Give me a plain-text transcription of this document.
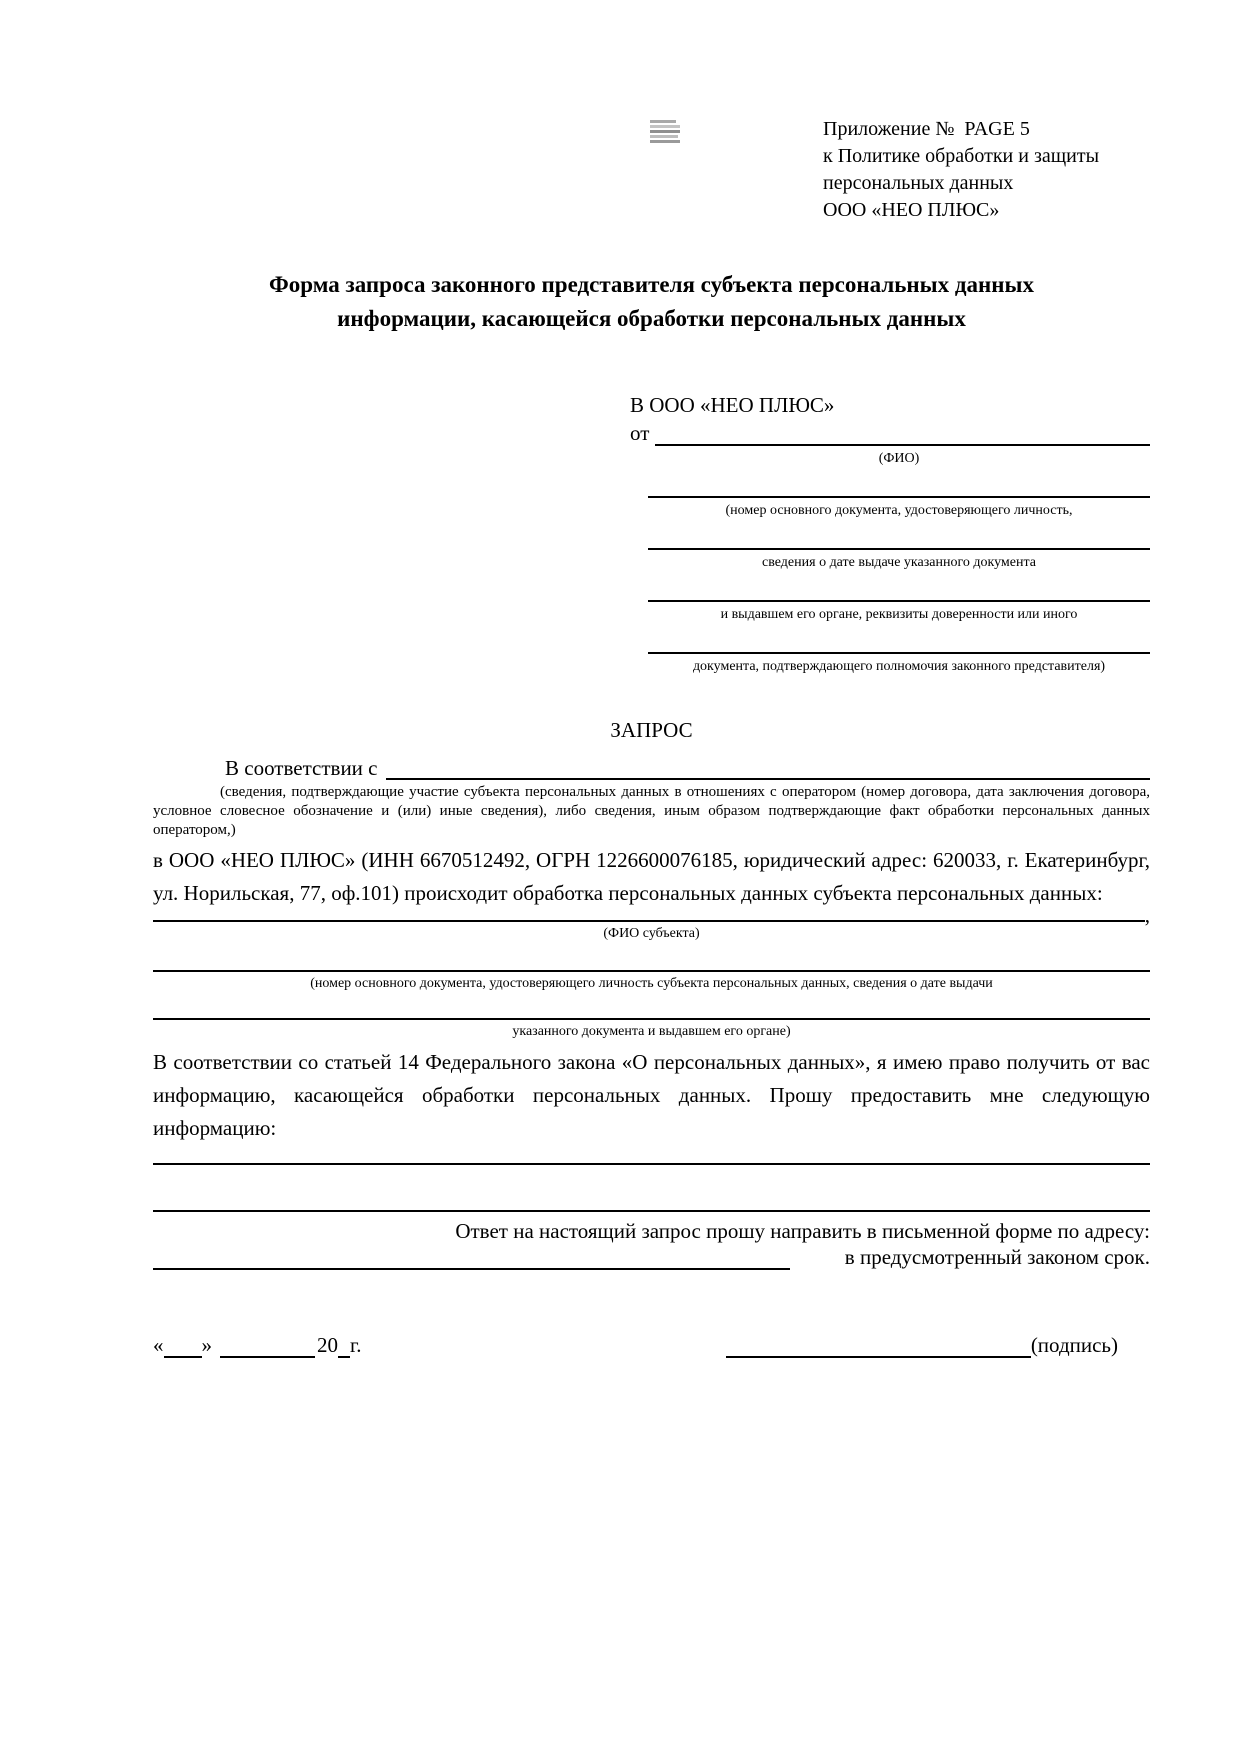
Приложение №  PAGE 5
к Политике обработки и защиты
персональных данных
ООО «НЕО ПЛЮС»
Форма запроса законного представителя субъекта персональных данных
информации, касающейся обработки персональных данных
В ООО «НЕО ПЛЮС»
от
(ФИО)
(номер основного документа, удостоверяющего личность,
сведения о дате выдаче указанного документа
и выдавшем его органе, реквизиты доверенности или иного
документа, подтверждающего полномочия законного представителя)
ЗАПРОС
В соответствии с
(сведения, подтверждающие участие субъекта персональных данных в отношениях с оператором (номер договора, дата заключения договора, условное словесное обозначение и (или) иные сведения), либо сведения, иным образом подтверждающие факт обработки персональных данных оператором,)
в ООО «НЕО ПЛЮС» (ИНН 6670512492, ОГРН 1226600076185, юридический адрес: 620033, г. Екатеринбург, ул. Норильская, 77, оф.101) происходит обработка персональных данных субъекта персональных данных:
,
(ФИО субъекта)
(номер основного документа, удостоверяющего личность субъекта персональных данных, сведения о дате выдачи
указанного документа и выдавшем его органе)
В соответствии со статьей 14 Федерального закона «О персональных данных», я имею право получить от вас информацию, касающейся обработки персональных данных. Прошу предоставить мне следующую информацию:
Ответ на настоящий запрос прошу направить в письменной форме по адресу:
в предусмотренный законом срок.
« »	20 г.	(подпись)
